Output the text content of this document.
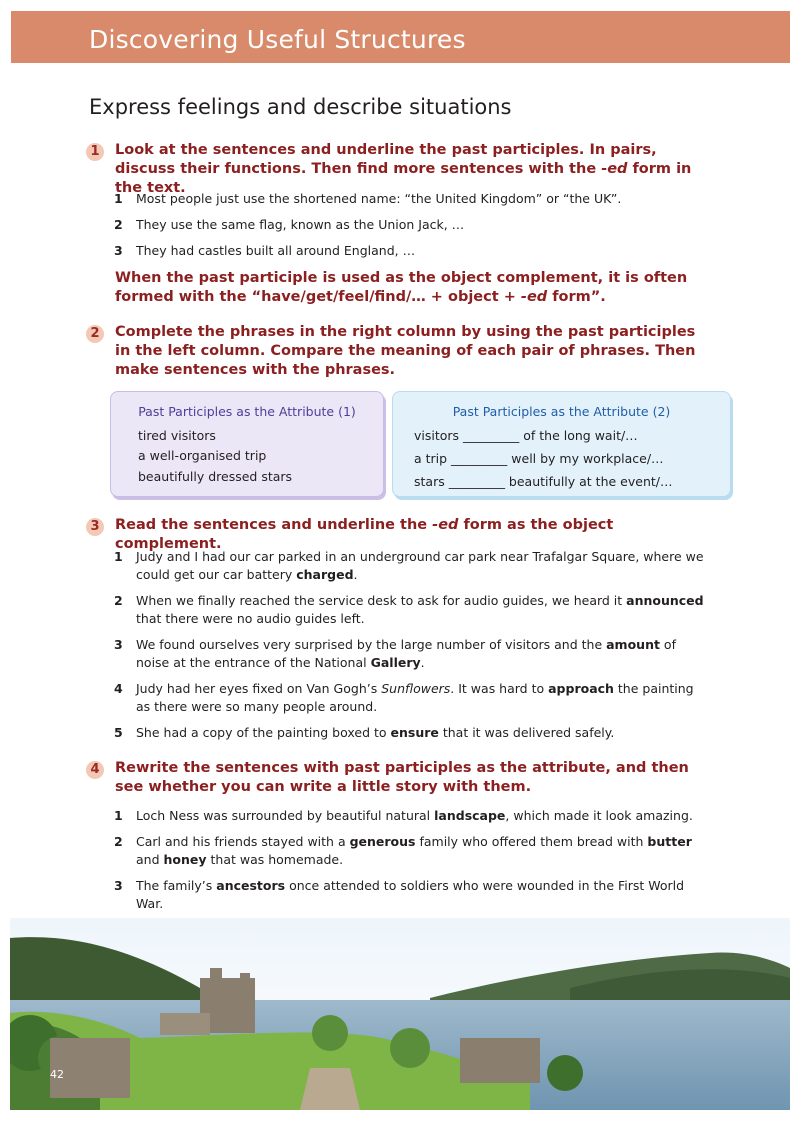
Discovering Useful Structures
Express feelings and describe situations
1	Look at the sentences and underline the past participles. In pairs, discuss their functions. Then find more sentences with the -ed form in the text.
1	Most people just use the shortened name: “the United Kingdom” or “the UK”.
2	They use the same flag, known as the Union Jack, …
3	They had castles built all around England, …
When the past participle is used as the object complement, it is often formed with the “have/get/feel/find/… + object + -ed form”.
2	Complete the phrases in the right column by using the past participles in the left column. Compare the meaning of each pair of phrases. Then make sentences with the phrases.
Past Participles as the Attribute (1)
tired visitors
a well-organised trip
beautifully dressed stars
Past Participles as the Attribute (2)
visitors _________ of the long wait/…
a trip _________ well by my workplace/…
stars _________ beautifully at the event/…
3	Read the sentences and underline the -ed form as the object complement.
1	Judy and I had our car parked in an underground car park near Trafalgar Square, where we could get our car battery charged.
2	When we finally reached the service desk to ask for audio guides, we heard it announced that there were no audio guides left.
3	We found ourselves very surprised by the large number of visitors and the amount of noise at the entrance of the National Gallery.
4	Judy had her eyes fixed on Van Gogh’s Sunflowers. It was hard to approach the painting as there were so many people around.
5	She had a copy of the painting boxed to ensure that it was delivered safely.
4	Rewrite the sentences with past participles as the attribute, and then see whether you can write a little story with them.
1	Loch Ness was surrounded by beautiful natural landscape, which made it look amazing.
2	Carl and his friends stayed with a generous family who offered them bread with butter and honey that was homemade.
3	The family’s ancestors once attended to soldiers who were wounded in the First World War.
42
